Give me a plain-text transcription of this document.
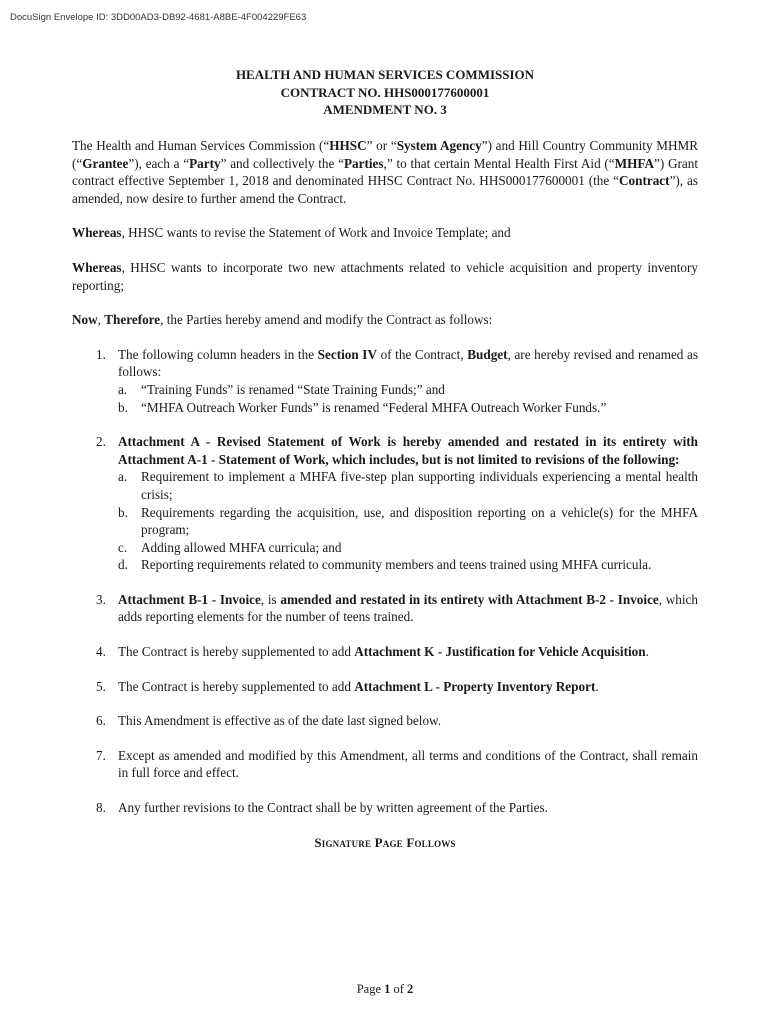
DocuSign Envelope ID: 3DD00AD3-DB92-4681-A8BE-4F004229FE63
HEALTH AND HUMAN SERVICES COMMISSION
CONTRACT NO. HHS000177600001
AMENDMENT NO. 3

The Health and Human Services Commission (“HHSC” or “System Agency”) and Hill Country Community MHMR (“Grantee”), each a “Party” and collectively the “Parties,” to that certain Mental Health First Aid (“MHFA”) Grant contract effective September 1, 2018 and denominated HHSC Contract No. HHS000177600001 (the “Contract”), as amended, now desire to further amend the Contract.

Whereas, HHSC wants to revise the Statement of Work and Invoice Template; and

Whereas, HHSC wants to incorporate two new attachments related to vehicle acquisition and property inventory reporting;

Now, Therefore, the Parties hereby amend and modify the Contract as follows:

1. The following column headers in the Section IV of the Contract, Budget, are hereby revised and renamed as follows:
a. “Training Funds” is renamed “State Training Funds;” and
b. “MHFA Outreach Worker Funds” is renamed “Federal MHFA Outreach Worker Funds.”
2. Attachment A - Revised Statement of Work is hereby amended and restated in its entirety with Attachment A-1 - Statement of Work, which includes, but is not limited to revisions of the following:
a. Requirement to implement a MHFA five-step plan supporting individuals experiencing a mental health crisis;
b. Requirements regarding the acquisition, use, and disposition reporting on a vehicle(s) for the MHFA program;
c. Adding allowed MHFA curricula; and
d. Reporting requirements related to community members and teens trained using MHFA curricula.
3. Attachment B-1 - Invoice, is amended and restated in its entirety with Attachment B-2 - Invoice, which adds reporting elements for the number of teens trained.
4. The Contract is hereby supplemented to add Attachment K - Justification for Vehicle Acquisition.
5. The Contract is hereby supplemented to add Attachment L - Property Inventory Report.
6. This Amendment is effective as of the date last signed below.
7. Except as amended and modified by this Amendment, all terms and conditions of the Contract, shall remain in full force and effect.
8. Any further revisions to the Contract shall be by written agreement of the Parties.
Signature Page Follows
Page 1 of 2
